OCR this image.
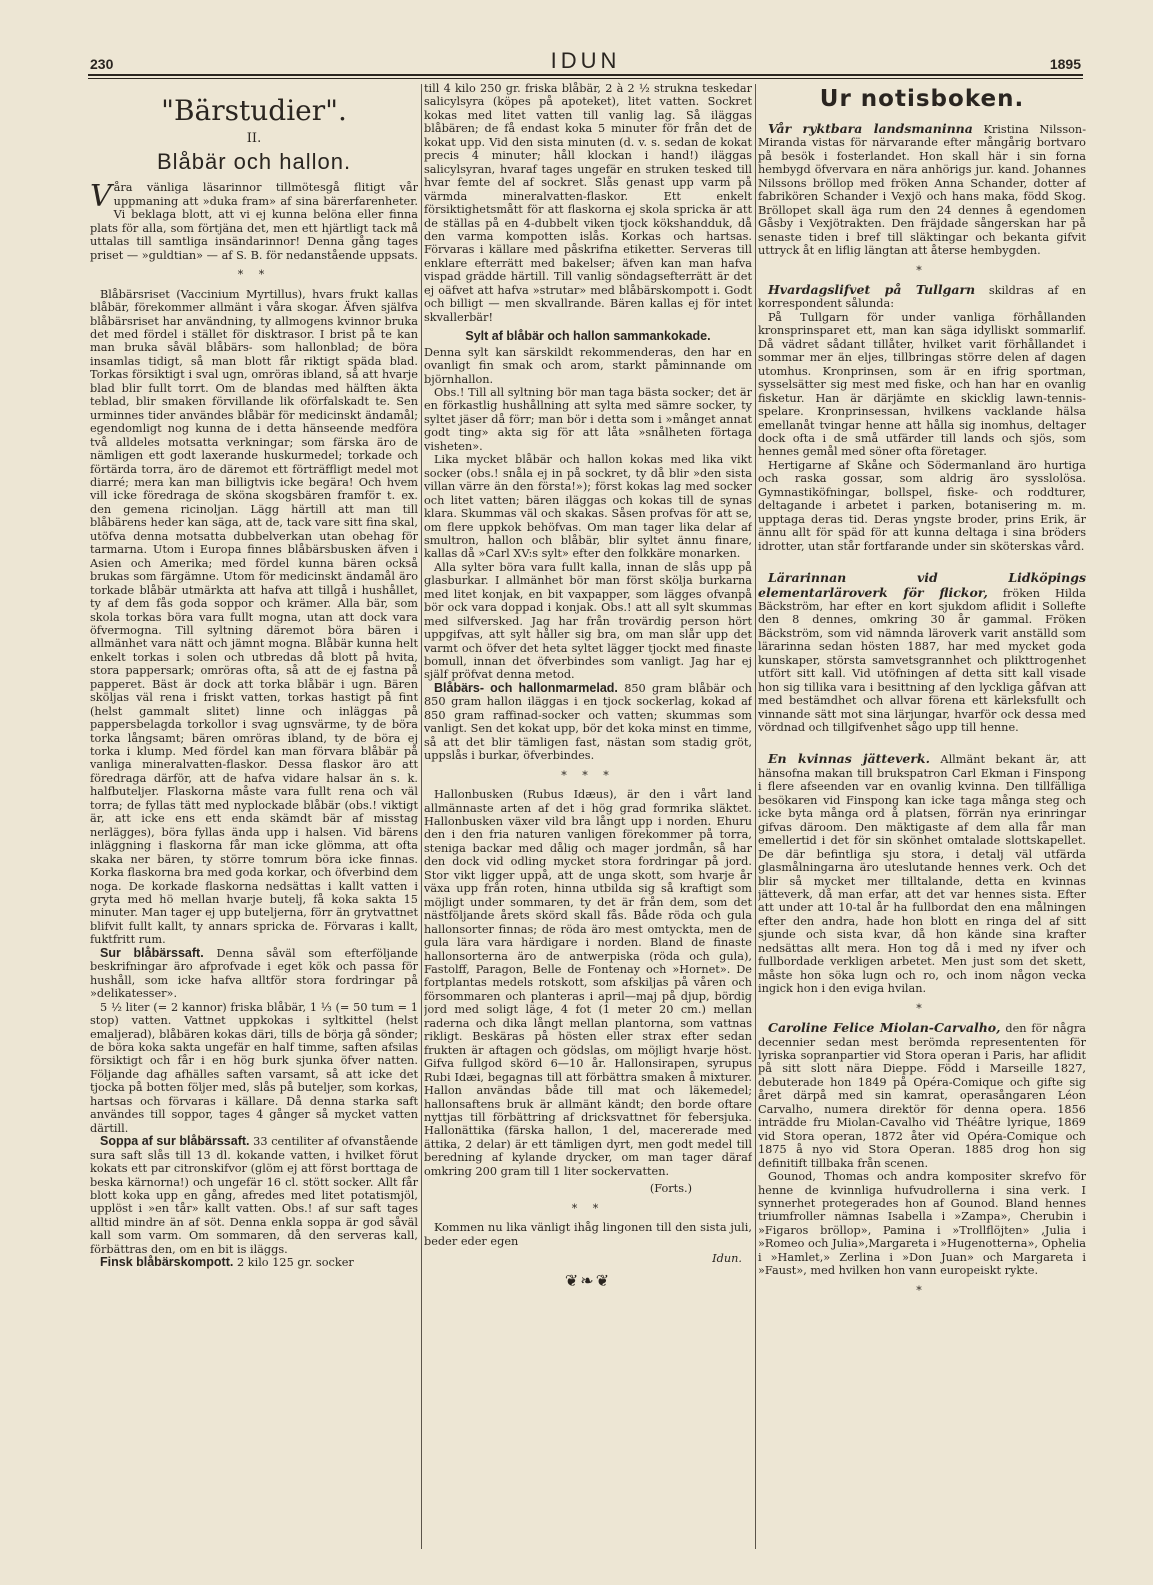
230	IDUN	1895
"Bärstudier".
II.
Blåbär och hallon.

Våra vänliga läsarinnor tillmötesgå flitigt vår uppmaning att »duka fram» af sina bärerfarenheter. Vi beklaga blott, att vi ej kunna belöna eller finna plats för alla, som förtjäna det, men ett hjärtligt tack må uttalas till samtliga insändarinnor! Denna gång tages priset — »guldtian» — af S. B. för nedanstående uppsats.

* *

Blåbärsriset (Vaccinium Myrtillus), hvars frukt kallas blåbär, förekommer allmänt i våra skogar. Äfven själfva blåbärsriset har användning, ty allmogens kvinnor bruka det med fördel i stället för disktrasor. I brist på te kan man bruka såväl blåbärs- som hallonblad; de böra insamlas tidigt, så man blott får riktigt späda blad. Torkas försiktigt i sval ugn, omröras ibland, så att hvarje blad blir fullt torrt. Om de blandas med hälften äkta teblad, blir smaken förvillande lik oförfalskadt te. Sen urminnes tider användes blåbär för medicinskt ändamål; egendomligt nog kunna de i detta hänseende medföra två alldeles motsatta verkningar; som färska äro de nämligen ett godt laxerande huskurmedel; torkade och förtärda torra, äro de däremot ett förträffligt medel mot diarré; mera kan man billigtvis icke begära! Och hvem vill icke föredraga de sköna skogsbären framför t. ex. den gemena ricinoljan. Lägg härtill att man till blåbärens heder kan säga, att de, tack vare sitt fina skal, utöfva denna motsatta dubbelverkan utan obehag för tarmarna. Utom i Europa finnes blåbärsbusken äfven i Asien och Amerika; med fördel kunna bären också brukas som färgämne. Utom för medicinskt ändamål äro torkade blåbär utmärkta att hafva att tillgå i hushållet, ty af dem fås goda soppor och krämer. Alla bär, som skola torkas böra vara fullt mogna, utan att dock vara öfvermogna. Till syltning däremot böra bären i allmänhet vara nätt och jämnt mogna. Blåbär kunna helt enkelt torkas i solen och utbredas då blott på hvita, stora pappersark; omröras ofta, så att de ej fastna på papperet. Bäst är dock att torka blåbär i ugn. Bären sköljas väl rena i friskt vatten, torkas hastigt på fint (helst gammalt slitet) linne och inläggas på pappersbelagda torkollor i svag ugnsvärme, ty de böra torka långsamt; bären omröras ibland, ty de böra ej torka i klump. Med fördel kan man förvara blåbär på vanliga mineralvatten-flaskor. Dessa flaskor äro att föredraga därför, att de hafva vidare halsar än s. k. halfbuteljer. Flaskorna måste vara fullt rena och väl torra; de fyllas tätt med nyplockade blåbär (obs.! viktigt är, att icke ens ett enda skämdt bär af misstag nerlägges), böra fyllas ända upp i halsen. Vid bärens inläggning i flaskorna får man icke glömma, att ofta skaka ner bären, ty större tomrum böra icke finnas. Korka flaskorna bra med goda korkar, och öfverbind dem noga. De korkade flaskorna nedsättas i kallt vatten i gryta med hö mellan hvarje butelj, få koka sakta 15 minuter. Man tager ej upp buteljerna, förr än grytvattnet blifvit fullt kallt, ty annars spricka de. Förvaras i kallt, fuktfritt rum.

Sur blåbärssaft. Denna såväl som efterföljande beskrifningar äro afprofvade i eget kök och passa för hushåll, som icke hafva alltför stora fordringar på »delikatesser».

5 ½ liter (= 2 kannor) friska blåbär, 1 ⅓ (= 50 tum = 1 stop) vatten. Vattnet uppkokas i syltkittel (helst emaljerad), blåbären kokas däri, tills de börja gå sönder; de böra koka sakta ungefär en half timme, saften afsilas försiktigt och får i en hög burk sjunka öfver natten. Följande dag afhälles saften varsamt, så att icke det tjocka på botten följer med, slås på buteljer, som korkas, hartsas och förvaras i källare. Då denna starka saft användes till soppor, tages 4 gånger så mycket vatten därtill.

Soppa af sur blåbärssaft. 33 centiliter af ofvanstående sura saft slås till 13 dl. kokande vatten, i hvilket förut kokats ett par citronskifvor (glöm ej att först borttaga de beska kärnorna!) och ungefär 16 cl. stött socker. Allt får blott koka upp en gång, afredes med litet potatismjöl, upplöst i »en tår» kallt vatten. Obs.! af sur saft tages alltid mindre än af söt. Denna enkla soppa är god såväl kall som varm. Om sommaren, då den serveras kall, förbättras den, om en bit is iläggs.

Finsk blåbärskompott. 2 kilo 125 gr. socker

till 4 kilo 250 gr. friska blåbär, 2 à 2 ½ strukna teskedar salicylsyra (köpes på apoteket), litet vatten. Sockret kokas med litet vatten till vanlig lag. Så iläggas blåbären; de få endast koka 5 minuter för från det de kokat upp. Vid den sista minuten (d. v. s. sedan de kokat precis 4 minuter; håll klockan i hand!) iläggas salicylsyran, hvaraf tages ungefär en struken tesked till hvar femte del af sockret. Slås genast upp varm på värmda mineralvatten-flaskor. Ett enkelt försiktighetsmått för att flaskorna ej skola spricka är att de ställas på en 4-dubbelt viken tjock kökshandduk, då den varma kompotten islås. Korkas och hartsas. Förvaras i källare med påskrifna etiketter. Serveras till enklare efterrätt med bakelser; äfven kan man hafva vispad grädde härtill. Till vanlig söndagsefterrätt är det ej oäfvet att hafva »strutar» med blåbärskompott i. Godt och billigt — men skvallrande. Bären kallas ej för intet skvallerbär!

Sylt af blåbär och hallon sammankokade.

Denna sylt kan särskildt rekommenderas, den har en ovanligt fin smak och arom, starkt påminnande om björnhallon.

Obs.! Till all syltning bör man taga bästa socker; det är en förkastlig hushållning att sylta med sämre socker, ty syltet jäser då förr; man bör i detta som i »månget annat godt ting» akta sig för att låta »snålheten förtaga visheten».

Lika mycket blåbär och hallon kokas med lika vikt socker (obs.! snåla ej in på sockret, ty då blir »den sista villan värre än den första!»); först kokas lag med socker och litet vatten; bären iläggas och kokas till de synas klara. Skummas väl och skakas. Såsen profvas för att se, om flere uppkok behöfvas. Om man tager lika delar af smultron, hallon och blåbär, blir syltet ännu finare, kallas då »Carl XV:s sylt» efter den folkkäre monarken.

Alla sylter böra vara fullt kalla, innan de slås upp på glasburkar. I allmänhet bör man först skölja burkarna med litet konjak, en bit vaxpapper, som lägges ofvanpå bör ock vara doppad i konjak. Obs.! att all sylt skummas med silfversked. Jag har från trovärdig person hört uppgifvas, att sylt håller sig bra, om man slår upp det varmt och öfver det heta syltet lägger tjockt med finaste bomull, innan det öfverbindes som vanligt. Jag har ej själf pröfvat denna metod.

Blåbärs- och hallonmarmelad. 850 gram blåbär och 850 gram hallon iläggas i en tjock sockerlag, kokad af 850 gram raffinad-socker och vatten; skummas som vanligt. Sen det kokat upp, bör det koka minst en timme, så att det blir tämligen fast, nästan som stadig gröt, uppslås i burkar, öfverbindes.

* * *

Hallonbusken (Rubus Idæus), är den i vårt land allmännaste arten af det i hög grad formrika släktet. Hallonbusken växer vild bra långt upp i norden. Ehuru den i den fria naturen vanligen förekommer på torra, steniga backar med dålig och mager jordmån, så har den dock vid odling mycket stora fordringar på jord. Stor vikt ligger uppå, att de unga skott, som hvarje år växa upp från roten, hinna utbilda sig så kraftigt som möjligt under sommaren, ty det är från dem, som det nästföljande årets skörd skall fås. Både röda och gula hallonsorter finnas; de röda äro mest omtyckta, men de gula lära vara härdigare i norden. Bland de finaste hallonsorterna äro de antwerpiska (röda och gula), Fastolff, Paragon, Belle de Fontenay och »Hornet». De fortplantas medels rotskott, som afskiljas på våren och försommaren och planteras i april—maj på djup, bördig jord med soligt läge, 4 fot (1 meter 20 cm.) mellan raderna och dika långt mellan plantorna, som vattnas rikligt. Beskäras på hösten eller strax efter sedan frukten är aftagen och gödslas, om möjligt hvarje höst. Gifva fullgod skörd 6—10 år. Hallonsirapen, syrupus Rubi Idæi, begagnas till att förbättra smaken å mixturer. Hallon användas både till mat och läkemedel; hallonsaftens bruk är allmänt kändt; den borde oftare nyttjas till förbättring af dricksvattnet för febersjuka. Hallonättika (färska hallon, 1 del, macererade med ättika, 2 delar) är ett tämligen dyrt, men godt medel till beredning af kylande drycker, om man tager däraf omkring 200 gram till 1 liter sockervatten.

(Forts.)
* *

Kommen nu lika vänligt ihåg lingonen till den sista juli, beder eder egen

Idun.
❦❧❦
Ur notisboken.

Vår ryktbara landsmaninna Kristina Nilsson-Miranda vistas för närvarande efter mångårig bortvaro på besök i fosterlandet. Hon skall här i sin forna hembygd öfvervara en nära anhörigs jur. kand. Johannes Nilssons bröllop med fröken Anna Schander, dotter af fabrikören Schander i Vexjö och hans maka, född Skog. Bröllopet skall äga rum den 24 dennes å egendomen Gåsby i Vexjötrakten. Den fräjdade sångerskan har på senaste tiden i bref till släktingar och bekanta gifvit uttryck åt en liflig längtan att återse hembygden.

*

Hvardagslifvet på Tullgarn skildras af en korrespondent sålunda:

På Tullgarn för under vanliga förhållanden kronsprinsparet ett, man kan säga idylliskt sommarlif. Då vädret sådant tillåter, hvilket varit förhållandet i sommar mer än eljes, tillbringas större delen af dagen utomhus. Kronprinsen, som är en ifrig sportman, sysselsätter sig mest med fiske, och han har en ovanlig fisketur. Han är därjämte en skicklig lawn-tennis-spelare. Kronprinsessan, hvilkens vacklande hälsa emellanåt tvingar henne att hålla sig inomhus, deltager dock ofta i de små utfärder till lands och sjös, som hennes gemål med söner ofta företager.

Hertigarne af Skåne och Södermanland äro hurtiga och raska gossar, som aldrig äro sysslolösa. Gymnastiköfningar, bollspel, fiske- och roddturer, deltagande i arbetet i parken, botanisering m. m. upptaga deras tid. Deras yngste broder, prins Erik, är ännu allt för späd för att kunna deltaga i sina bröders idrotter, utan står fortfarande under sin sköterskas vård.

Lärarinnan vid Lidköpings elementarläroverk för flickor, fröken Hilda Bäckström, har efter en kort sjukdom aflidit i Sollefte den 8 dennes, omkring 30 år gammal. Fröken Bäckström, som vid nämnda läroverk varit anställd som lärarinna sedan hösten 1887, har med mycket goda kunskaper, största samvetsgrannhet och plikttrogenhet utfört sitt kall. Vid utöfningen af detta sitt kall visade hon sig tillika vara i besittning af den lyckliga gåfvan att med bestämdhet och allvar förena ett kärleksfullt och vinnande sätt mot sina lärjungar, hvarför ock dessa med vördnad och tillgifvenhet sågo upp till henne.

En kvinnas jätteverk. Allmänt bekant är, att hänsofna makan till brukspatron Carl Ekman i Finspong i flere afseenden var en ovanlig kvinna. Den tillfälliga besökaren vid Finspong kan icke taga många steg och icke byta många ord å platsen, förrän nya erinringar gifvas däroom. Den mäktigaste af dem alla får man emellertid i det för sin skönhet omtalade slottskapellet. De där befintliga sju stora, i detalj väl utfärda glasmålningarna äro uteslutande hennes verk. Och det blir så mycket mer tilltalande, detta en kvinnas jätteverk, då man erfar, att det var hennes sista. Efter att under att 10-tal år ha fullbordat den ena målningen efter den andra, hade hon blott en ringa del af sitt sjunde och sista kvar, då hon kände sina krafter nedsättas allt mera. Hon tog då i med ny ifver och fullbordade verkligen arbetet. Men just som det skett, måste hon söka lugn och ro, och inom någon vecka ingick hon i den eviga hvilan.

*

Caroline Felice Miolan-Carvalho, den för några decennier sedan mest berömda represententen för lyriska sopranpartier vid Stora operan i Paris, har aflidit på sitt slott nära Dieppe. Född i Marseille 1827, debuterade hon 1849 på Opéra-Comique och gifte sig året därpå med sin kamrat, operasångaren Léon Carvalho, numera direktör för denna opera. 1856 inträdde fru Miolan-Cavalho vid Théâtre lyrique, 1869 vid Stora operan, 1872 åter vid Opéra-Comique och 1875 å nyo vid Stora Operan. 1885 drog hon sig definitift tillbaka från scenen.

Gounod, Thomas och andra kompositer skrefvo för henne de kvinnliga hufvudrollerna i sina verk. I synnerhet protegerades hon af Gounod. Bland hennes triumfroller nämnas Isabella i »Zampa», Cherubin i »Figaros bröllop», Pamina i »Trollflöjten» ,Julia i »Romeo och Julia»,Margareta i »Hugenotterna», Ophelia i »Hamlet,» Zerlina i »Don Juan» och Margareta i »Faust», med hvilken hon vann europeiskt rykte.

*
